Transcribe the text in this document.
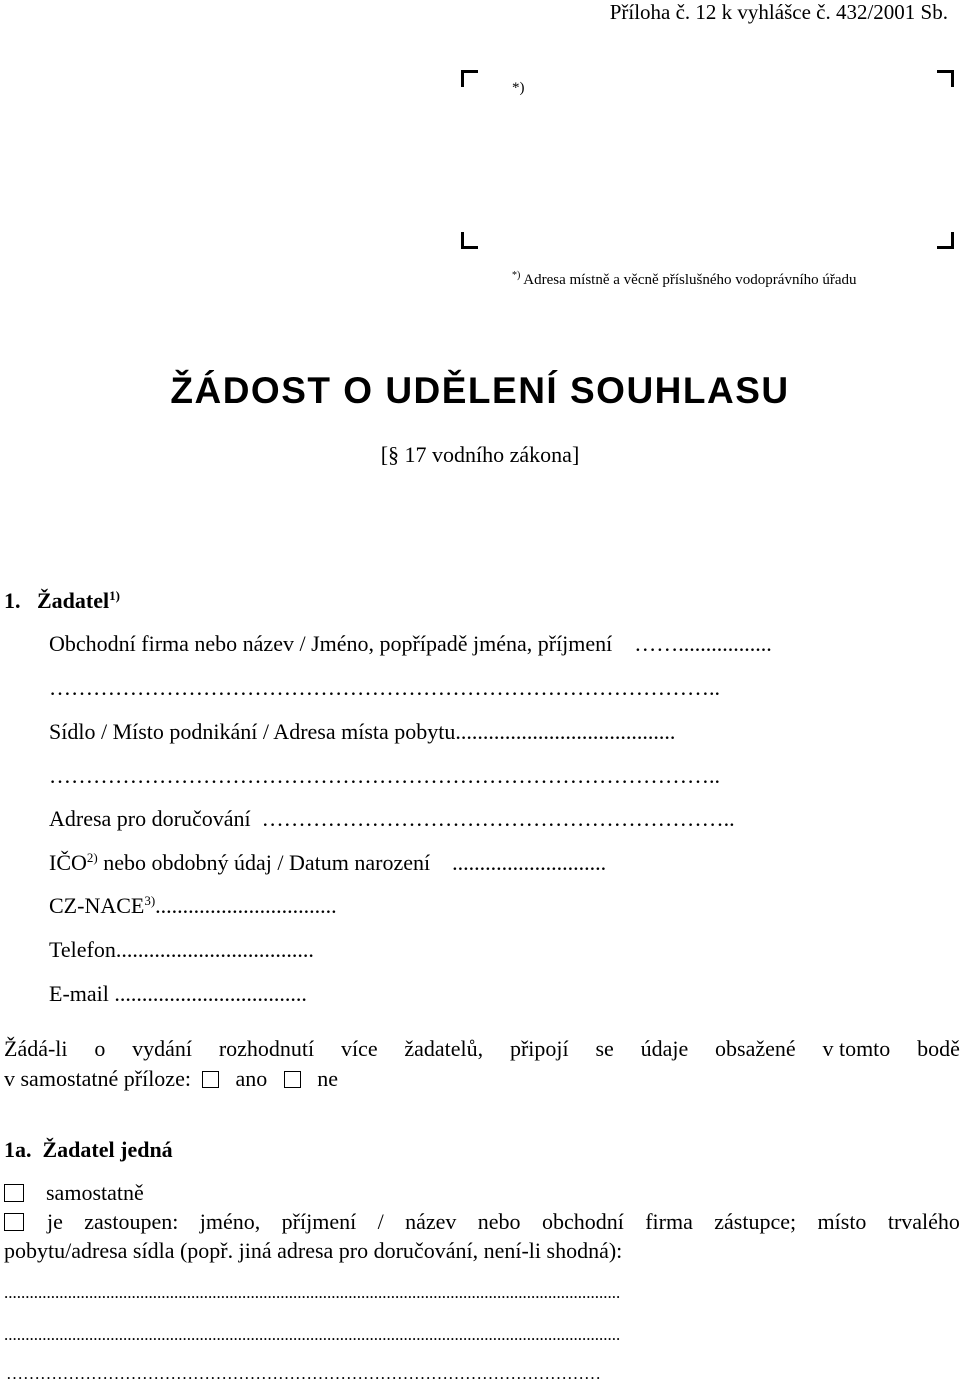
Příloha č. 12 k vyhlášce č. 432/2001 Sb.
*)
*) Adresa místně a věcně příslušného vodoprávního úřadu
ŽÁDOST O UDĚLENÍ SOUHLASU
[§ 17 vodního zákona]
1. Žadatel$^{1)}$
Obchodní firma nebo název / Jméno, popřípadě jména, příjmení …….................
………………………………………………………………………………..
Sídlo / Místo podnikání / Adresa místa pobytu........................................
………………………………………………………………………………..
Adresa pro doručování ………………………………………………………..
IČO$^{2)}$ nebo obdobný údaj / Datum narození ............................
CZ-NACE$^{3)}$.................................
Telefon....................................
E-mail ...................................
Žádá-li o vydání rozhodnutí více žadatelů, připojí se údaje obsažené v tomto bodě
v samostatné příloze: ano ne
1a. Žadatel jedná
samostatně
je zastoupen: jméno, příjmení / název nebo obchodní firma zástupce; místo trvalého
pobytu/adresa sídla (popř. jiná adresa pro doručování, není-li shodná):
.................................................................................................................................................
.................................................................................................................................................
……………………………………………………………………………………………
